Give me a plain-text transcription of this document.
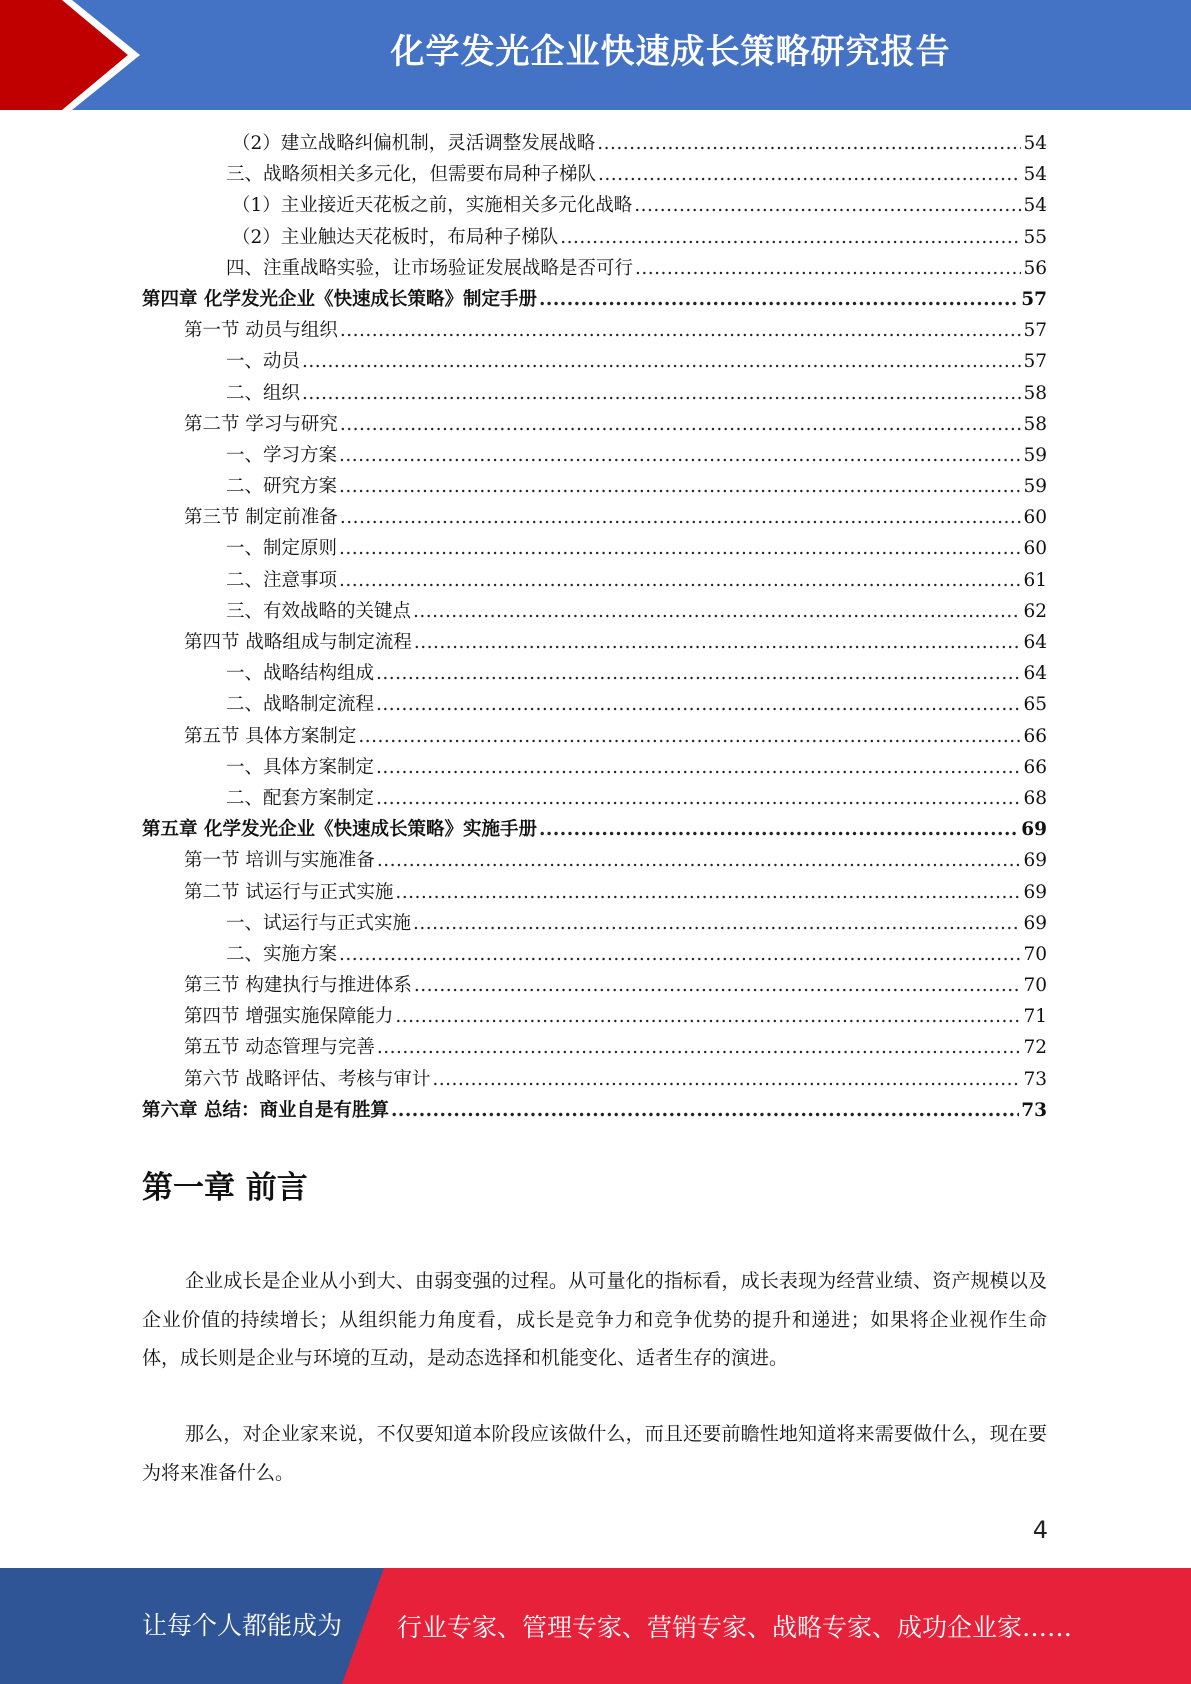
化学发光企业快速成长策略研究报告
（2）建立战略纠偏机制，灵活调整发展战略 .....	54
三、战略须相关多元化，但需要布局种子梯队 .....	54
（1）主业接近天花板之前，实施相关多元化战略 .....	54
（2）主业触达天花板时，布局种子梯队 .....	55
四、注重战略实验，让市场验证发展战略是否可行 .....	56
第四章 化学发光企业《快速成长策略》制定手册 .....	57
第一节 动员与组织 .....	57
一、动员 .....	57
二、组织 .....	58
第二节 学习与研究 .....	58
一、学习方案 .....	59
二、研究方案 .....	59
第三节 制定前准备 .....	60
一、制定原则 .....	60
二、注意事项 .....	61
三、有效战略的关键点 .....	62
第四节 战略组成与制定流程 .....	64
一、战略结构组成 .....	64
二、战略制定流程 .....	65
第五节 具体方案制定 .....	66
一、具体方案制定 .....	66
二、配套方案制定 .....	68
第五章 化学发光企业《快速成长策略》实施手册 .....	69
第一节 培训与实施准备 .....	69
第二节 试运行与正式实施 .....	69
一、试运行与正式实施 .....	69
二、实施方案 .....	70
第三节 构建执行与推进体系 .....	70
第四节 增强实施保障能力 .....	71
第五节 动态管理与完善 .....	72
第六节 战略评估、考核与审计 .....	73
第六章 总结：商业自是有胜算 .....	73
第一章 前言

企业成长是企业从小到大、由弱变强的过程。从可量化的指标看，成长表现为经营业绩、资产规模以及企业价值的持续增长；从组织能力角度看，成长是竞争力和竞争优势的提升和递进；如果将企业视作生命体，成长则是企业与环境的互动，是动态选择和机能变化、适者生存的演进。

那么，对企业家来说，不仅要知道本阶段应该做什么，而且还要前瞻性地知道将来需要做什么，现在要为将来准备什么。

4
让每个人都能成为 行业专家、管理专家、营销专家、战略专家、成功企业家……
